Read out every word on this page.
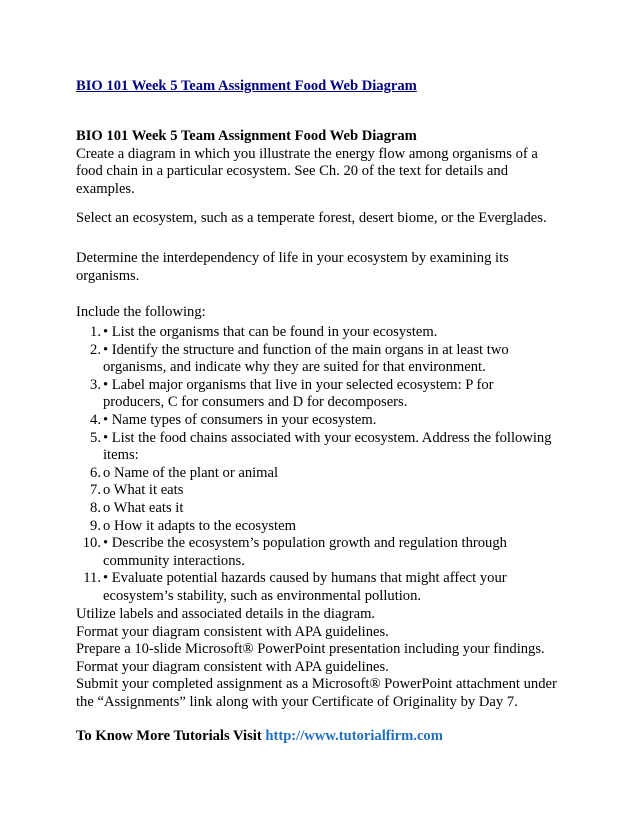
BIO 101 Week 5 Team Assignment Food Web Diagram
BIO 101 Week 5 Team Assignment Food Web Diagram
Create a diagram in which you illustrate the energy flow among organisms of a food chain in a particular ecosystem. See Ch. 20 of the text for details and examples.
Select an ecosystem, such as a temperate forest, desert biome, or the Everglades.
Determine the interdependency of life in your ecosystem by examining its organisms.
Include the following:
1. • List the organisms that can be found in your ecosystem.
2. • Identify the structure and function of the main organs in at least two organisms, and indicate why they are suited for that environment.
3. • Label major organisms that live in your selected ecosystem: P for producers, C for consumers and D for decomposers.
4. • Name types of consumers in your ecosystem.
5. • List the food chains associated with your ecosystem. Address the following items:
6. o Name of the plant or animal
7. o What it eats
8. o What eats it
9. o How it adapts to the ecosystem
10. • Describe the ecosystem’s population growth and regulation through community interactions.
11. • Evaluate potential hazards caused by humans that might affect your ecosystem’s stability, such as environmental pollution.
Utilize labels and associated details in the diagram.
Format your diagram consistent with APA guidelines.
Prepare a 10-slide Microsoft® PowerPoint presentation including your findings.
Format your diagram consistent with APA guidelines.
Submit your completed assignment as a Microsoft® PowerPoint attachment under the “Assignments” link along with your Certificate of Originality by Day 7.
To Know More Tutorials Visit http://www.tutorialfirm.com
